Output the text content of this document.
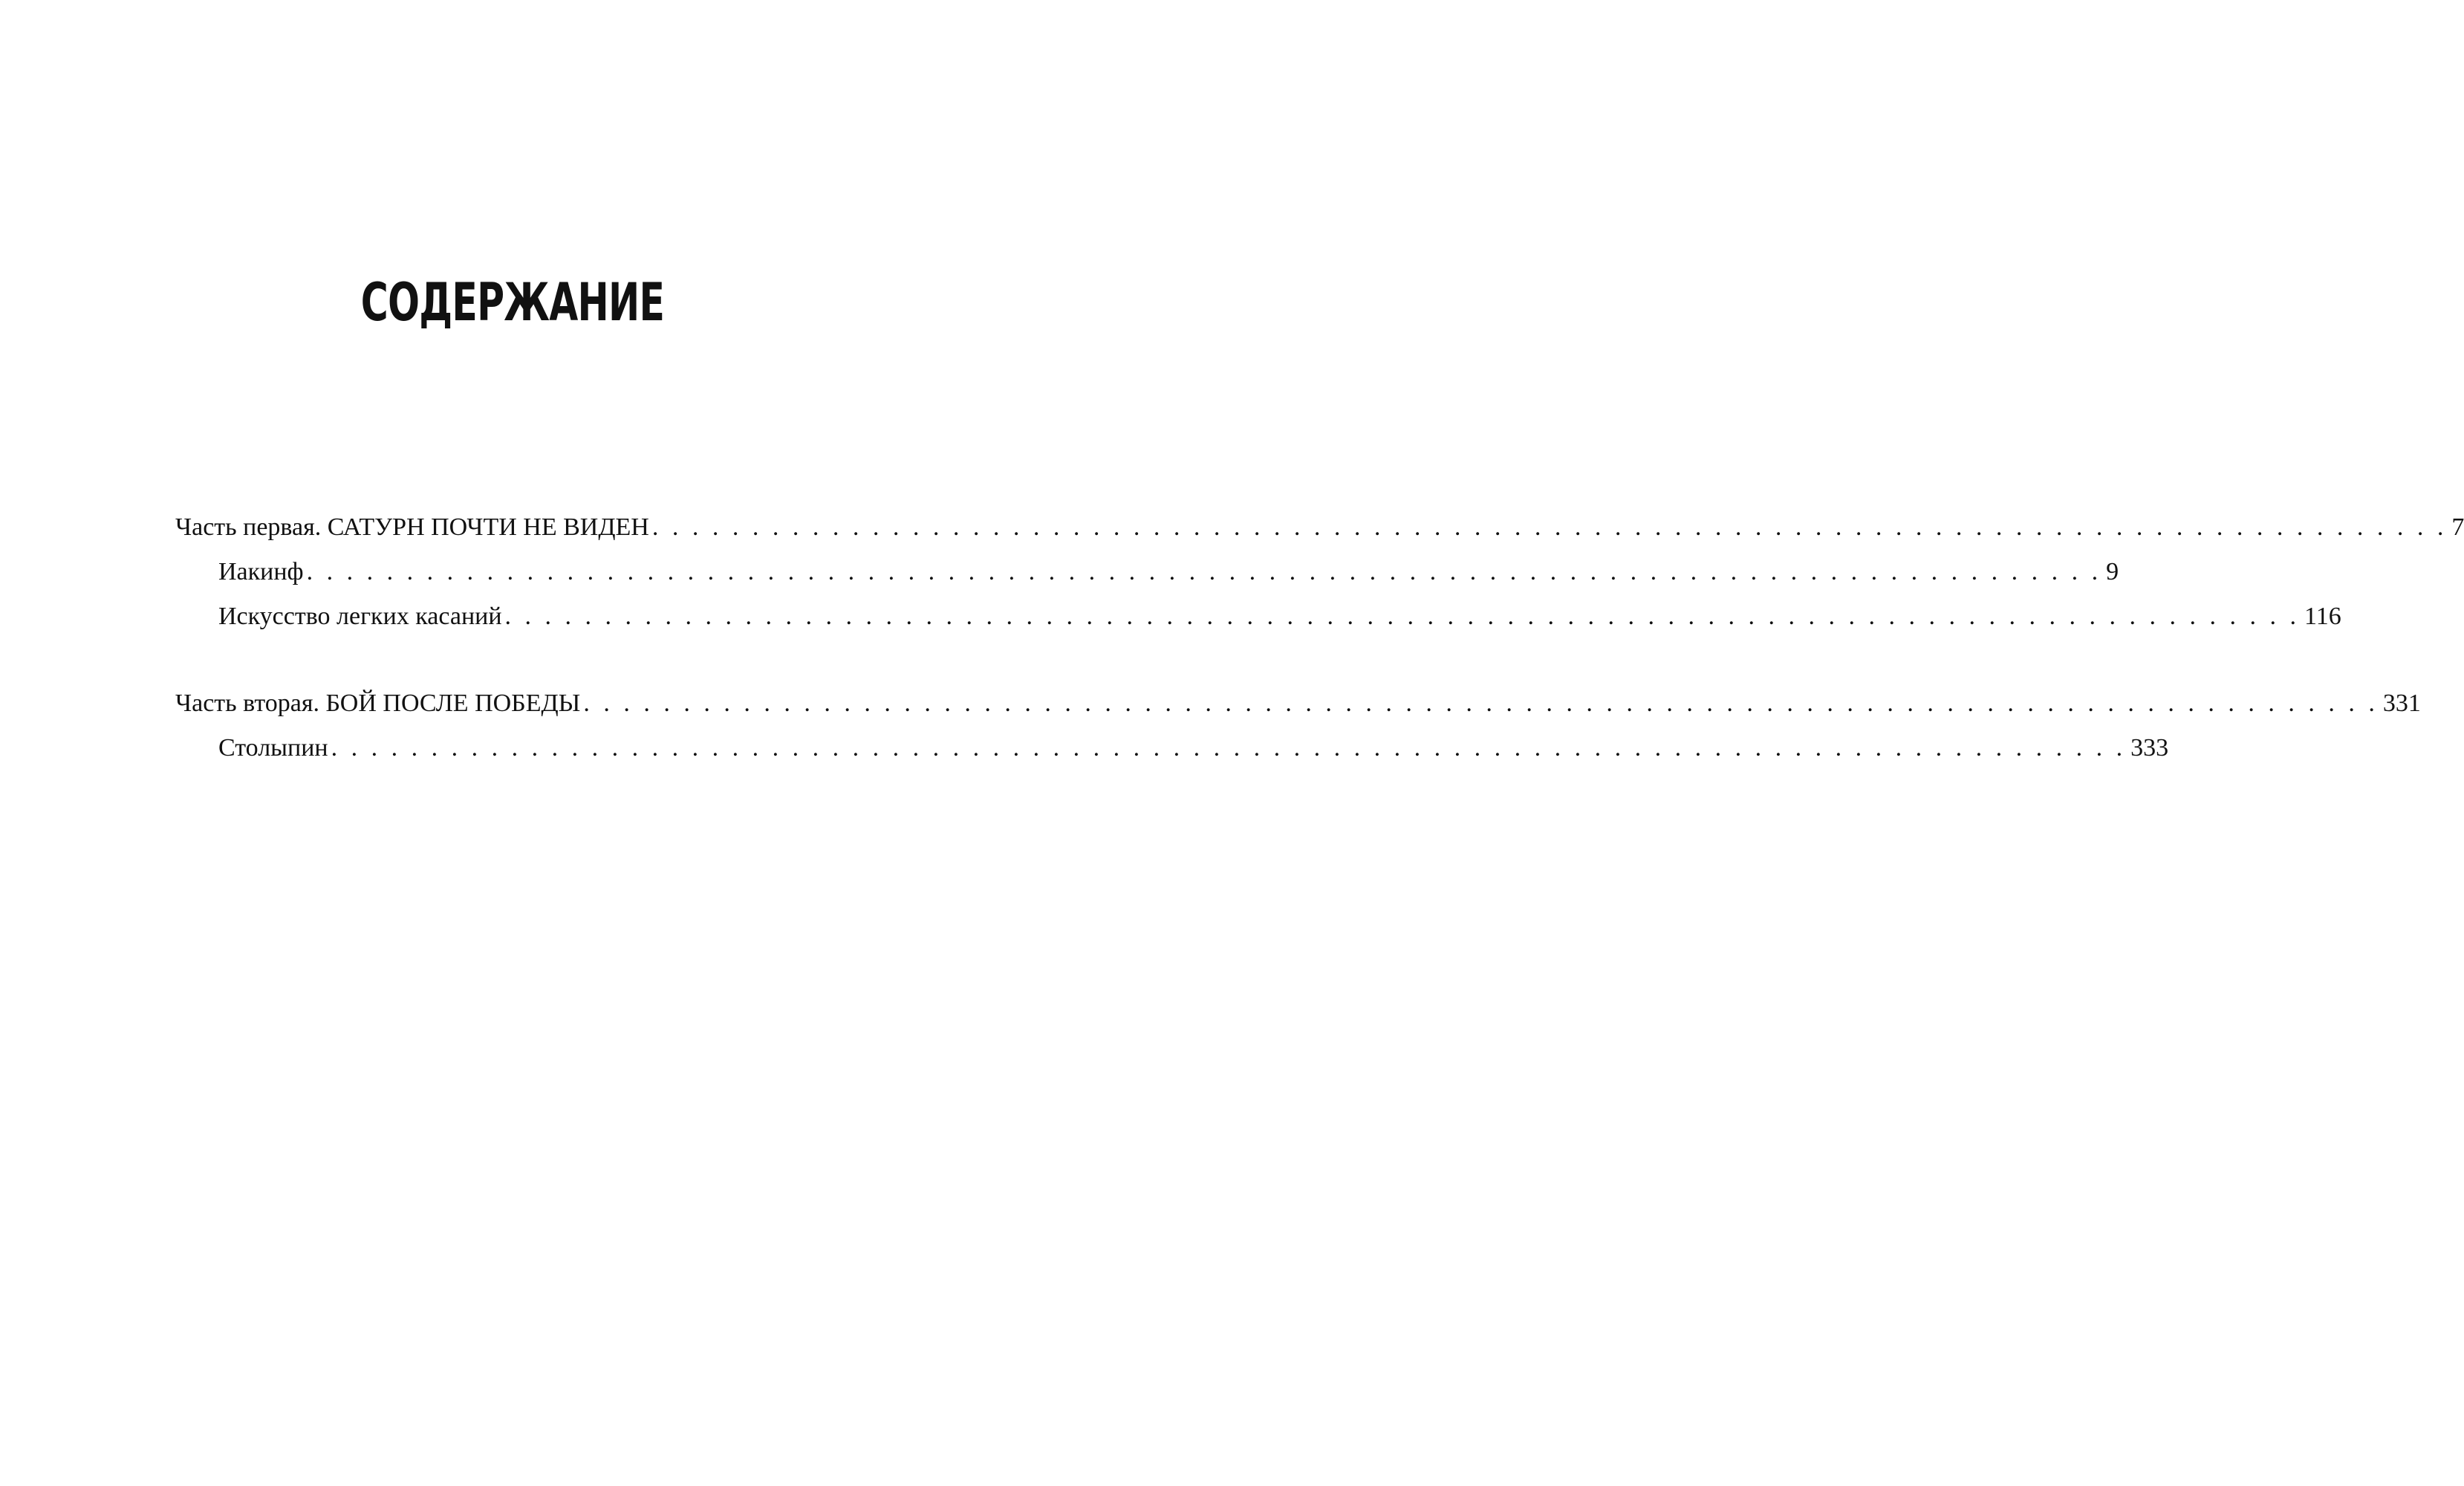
СОДЕРЖАНИЕ
Часть первая. САТУРН ПОЧТИ НЕ ВИДЕН . . . . . . . . . . . . . . . . . . . . . . . . . . . . . . . . . . . . . . . . . . . . . . . . . . . . . . . . . . . . . . . . . . . . . . . . . . . . . . . . . . . . . . . . . . 7
Иакинф . . . . . . . . . . . . . . . . . . . . . . . . . . . . . . . . . . . . . . . . . . . . . . . . . . . . . . . . . . . . . . . . . . . . . . . . . . . . . . . . . . . . . . . . . . 9
Искусство легких касаний . . . . . . . . . . . . . . . . . . . . . . . . . . . . . . . . . . . . . . . . . . . . . . . . . . . . . . . . . . . . . . . . . . . . . . . . . . . . . . . . . . . . . . . . . . 116
Часть вторая. БОЙ ПОСЛЕ ПОБЕДЫ . . . . . . . . . . . . . . . . . . . . . . . . . . . . . . . . . . . . . . . . . . . . . . . . . . . . . . . . . . . . . . . . . . . . . . . . . . . . . . . . . . . . . . . . . . 331
Столыпин . . . . . . . . . . . . . . . . . . . . . . . . . . . . . . . . . . . . . . . . . . . . . . . . . . . . . . . . . . . . . . . . . . . . . . . . . . . . . . . . . . . . . . . . . . 333
